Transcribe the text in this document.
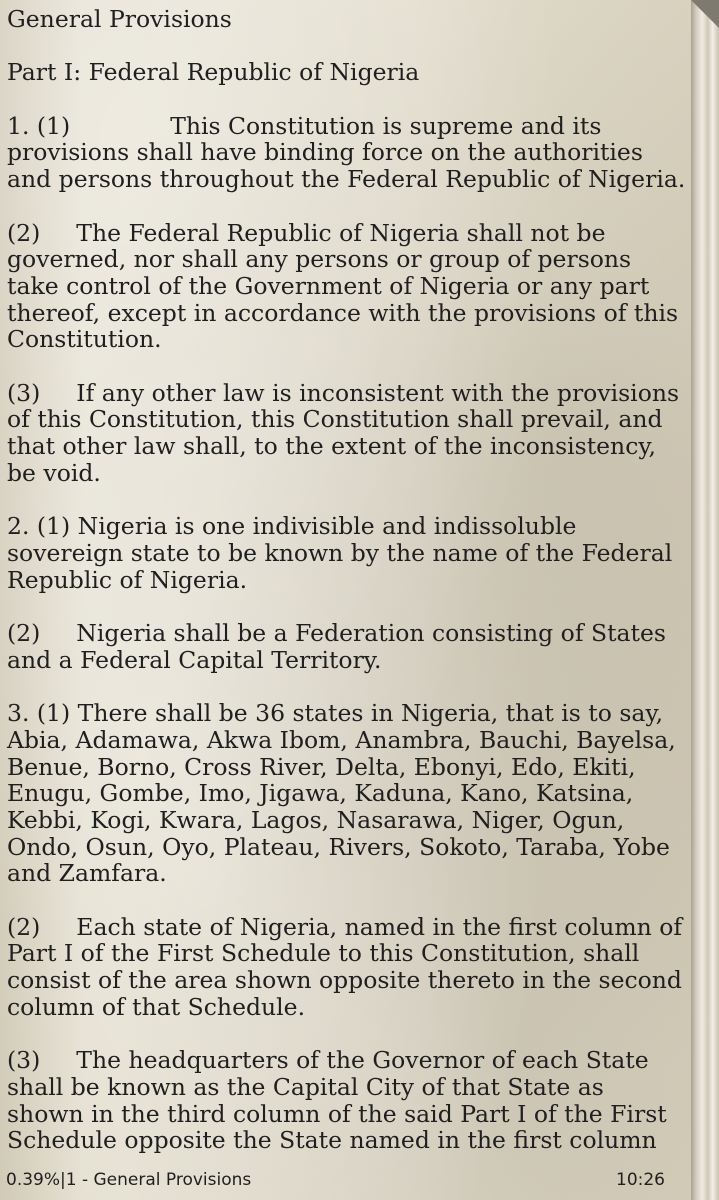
General Provisions

Part I: Federal Republic of Nigeria

1. (1)	This Constitution is supreme and its provisions shall have binding force on the authorities and persons throughout the Federal Republic of Nigeria.

(2) The Federal Republic of Nigeria shall not be governed, nor shall any persons or group of persons take control of the Government of Nigeria or any part thereof, except in accordance with the provisions of this Constitution.

(3) If any other law is inconsistent with the provisions of this Constitution, this Constitution shall prevail, and that other law shall, to the extent of the inconsistency, be void.

2. (1) Nigeria is one indivisible and indissoluble sovereign state to be known by the name of the Federal Republic of Nigeria.

(2) Nigeria shall be a Federation consisting of States and a Federal Capital Territory.

3. (1) There shall be 36 states in Nigeria, that is to say, Abia, Adamawa, Akwa Ibom, Anambra, Bauchi, Bayelsa, Benue, Borno, Cross River, Delta, Ebonyi, Edo, Ekiti, Enugu, Gombe, Imo, Jigawa, Kaduna, Kano, Katsina, Kebbi, Kogi, Kwara, Lagos, Nasarawa, Niger, Ogun, Ondo, Osun, Oyo, Plateau, Rivers, Sokoto, Taraba, Yobe and Zamfara.

(2) Each state of Nigeria, named in the first column of Part I of the First Schedule to this Constitution, shall consist of the area shown opposite thereto in the second column of that Schedule.

(3) The headquarters of the Governor of each State shall be known as the Capital City of that State as shown in the third column of the said Part I of the First Schedule opposite the State named in the first column

0.39%|1 - General Provisions	10:26
